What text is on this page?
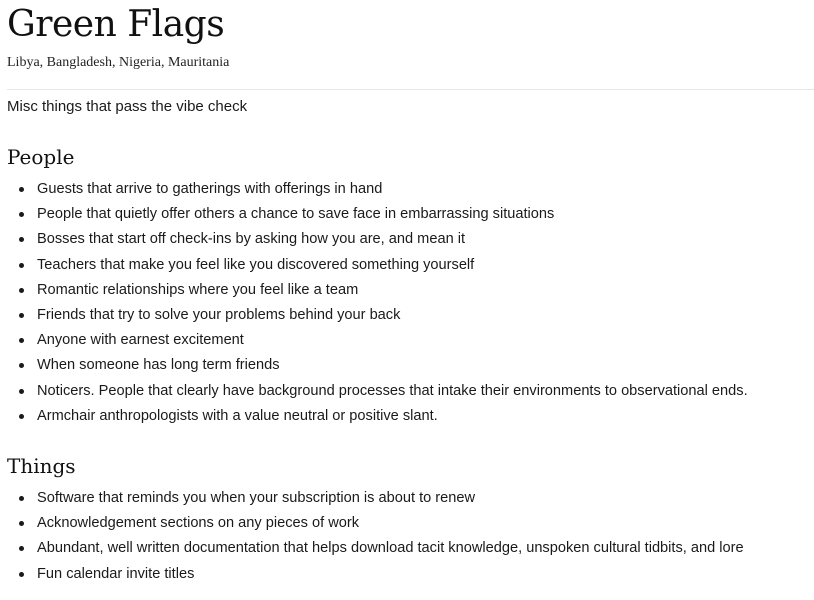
Green Flags

Libya, Bangladesh, Nigeria, Mauritania

Misc things that pass the vibe check

People
Guests that arrive to gatherings with offerings in hand
People that quietly offer others a chance to save face in embarrassing situations
Bosses that start off check-ins by asking how you are, and mean it
Teachers that make you feel like you discovered something yourself
Romantic relationships where you feel like a team
Friends that try to solve your problems behind your back
Anyone with earnest excitement
When someone has long term friends
Noticers. People that clearly have background processes that intake their environments to observational ends.
Armchair anthropologists with a value neutral or positive slant.
Things
Software that reminds you when your subscription is about to renew
Acknowledgement sections on any pieces of work
Abundant, well written documentation that helps download tacit knowledge, unspoken cultural tidbits, and lore
Fun calendar invite titles
